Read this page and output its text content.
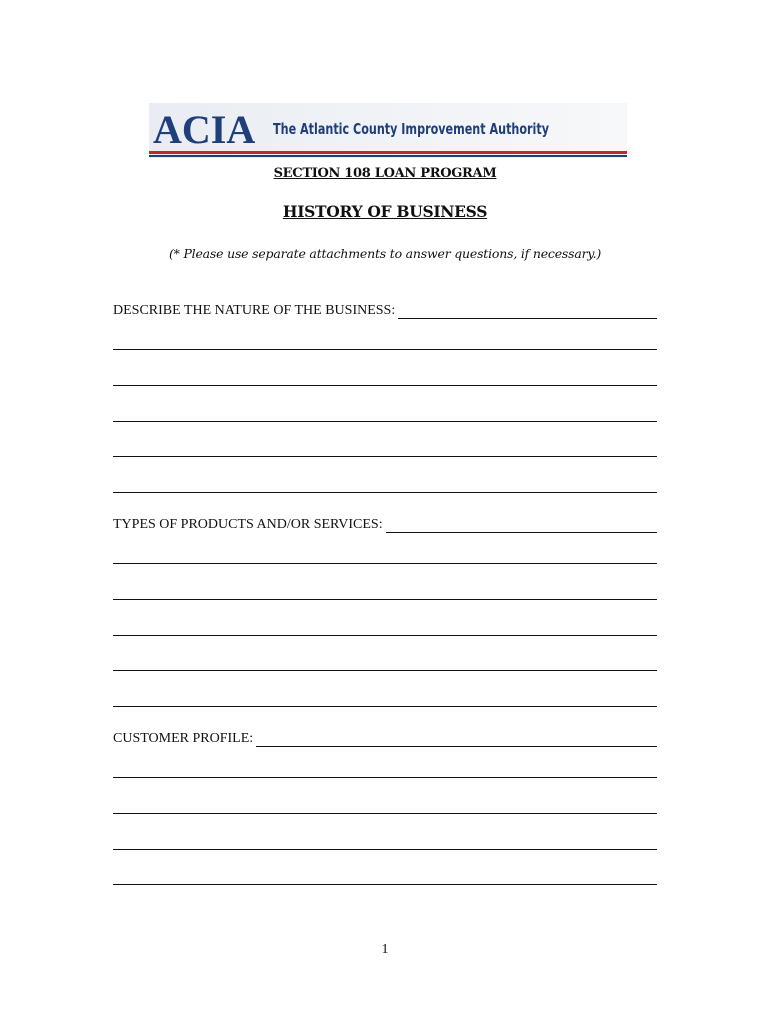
ACIA The Atlantic County Improvement Authority
SECTION 108 LOAN PROGRAM
HISTORY OF BUSINESS
(* Please use separate attachments to answer questions, if necessary.)
DESCRIBE THE NATURE OF THE BUSINESS:
TYPES OF PRODUCTS AND/OR SERVICES:
CUSTOMER PROFILE:
1
